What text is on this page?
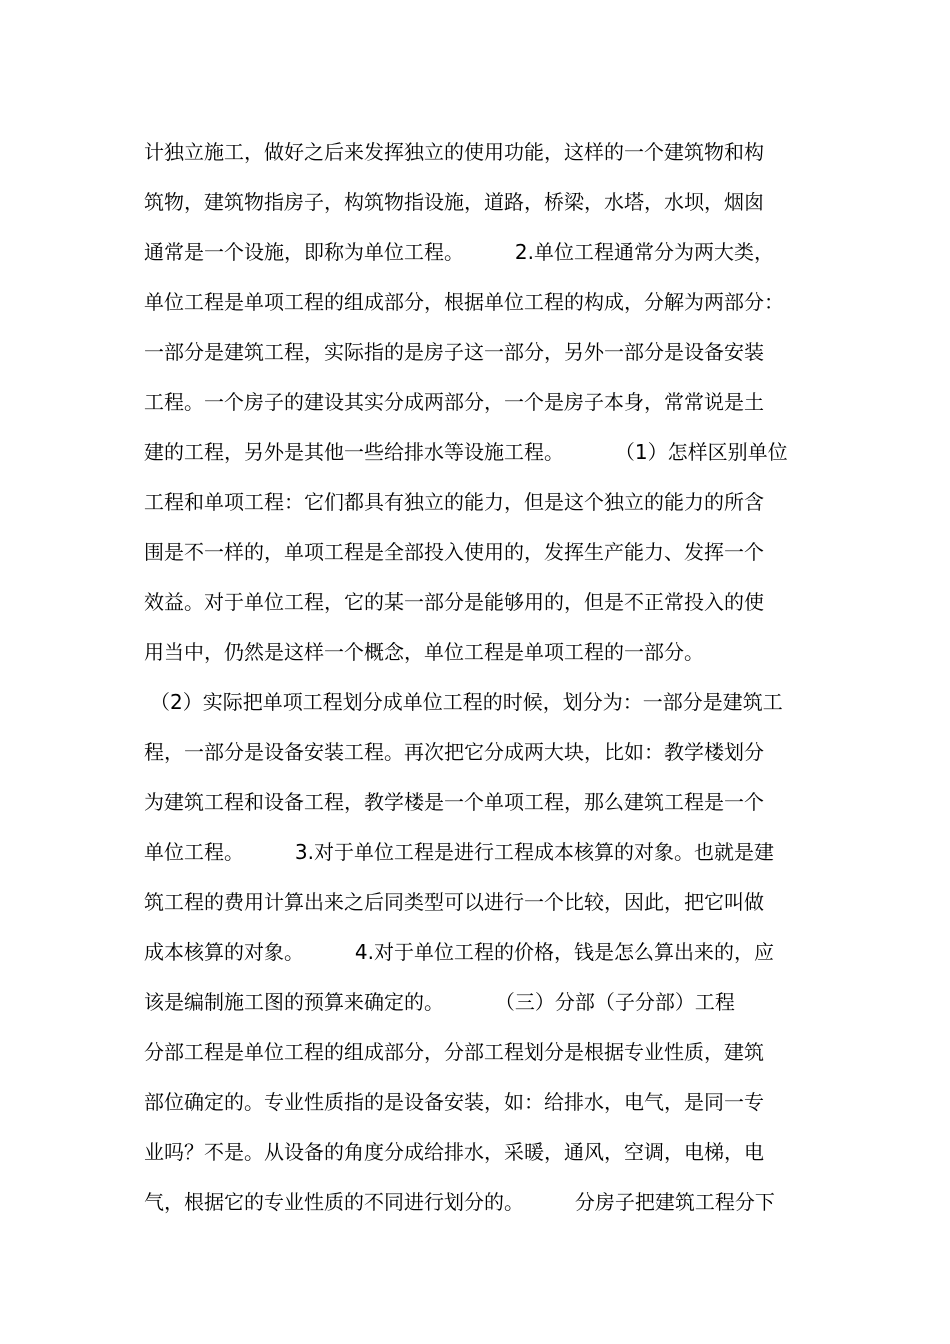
计独立施工，做好之后来发挥独立的使用功能，这样的一个建筑物和构
筑物，建筑物指房子，构筑物指设施，道路，桥梁，水塔，水坝，烟囱
通常是一个设施，即称为单位工程。        2.单位工程通常分为两大类，
单位工程是单项工程的组成部分，根据单位工程的构成，分解为两部分：
一部分是建筑工程，实际指的是房子这一部分，另外一部分是设备安装
工程。一个房子的建设其实分成两部分，一个是房子本身，常常说是土
建的工程，另外是其他一些给排水等设施工程。        （1）怎样区别单位
工程和单项工程：它们都具有独立的能力，但是这个独立的能力的所含
围是不一样的，单项工程是全部投入使用的，发挥生产能力、发挥一个
效益。对于单位工程，它的某一部分是能够用的，但是不正常投入的使
用当中，仍然是这样一个概念，单位工程是单项工程的一部分。
（2）实际把单项工程划分成单位工程的时候，划分为：一部分是建筑工
程，一部分是设备安装工程。再次把它分成两大块，比如：教学楼划分
为建筑工程和设备工程，教学楼是一个单项工程，那么建筑工程是一个
单位工程。        3.对于单位工程是进行工程成本核算的对象。也就是建
筑工程的费用计算出来之后同类型可以进行一个比较，因此，把它叫做
成本核算的对象。        4.对于单位工程的价格，钱是怎么算出来的，应
该是编制施工图的预算来确定的。        （三）分部（子分部）工程
分部工程是单位工程的组成部分，分部工程划分是根据专业性质，建筑
部位确定的。专业性质指的是设备安装，如：给排水，电气，是同一专
业吗？不是。从设备的角度分成给排水，采暖，通风，空调，电梯，电
气，根据它的专业性质的不同进行划分的。        分房子把建筑工程分下
